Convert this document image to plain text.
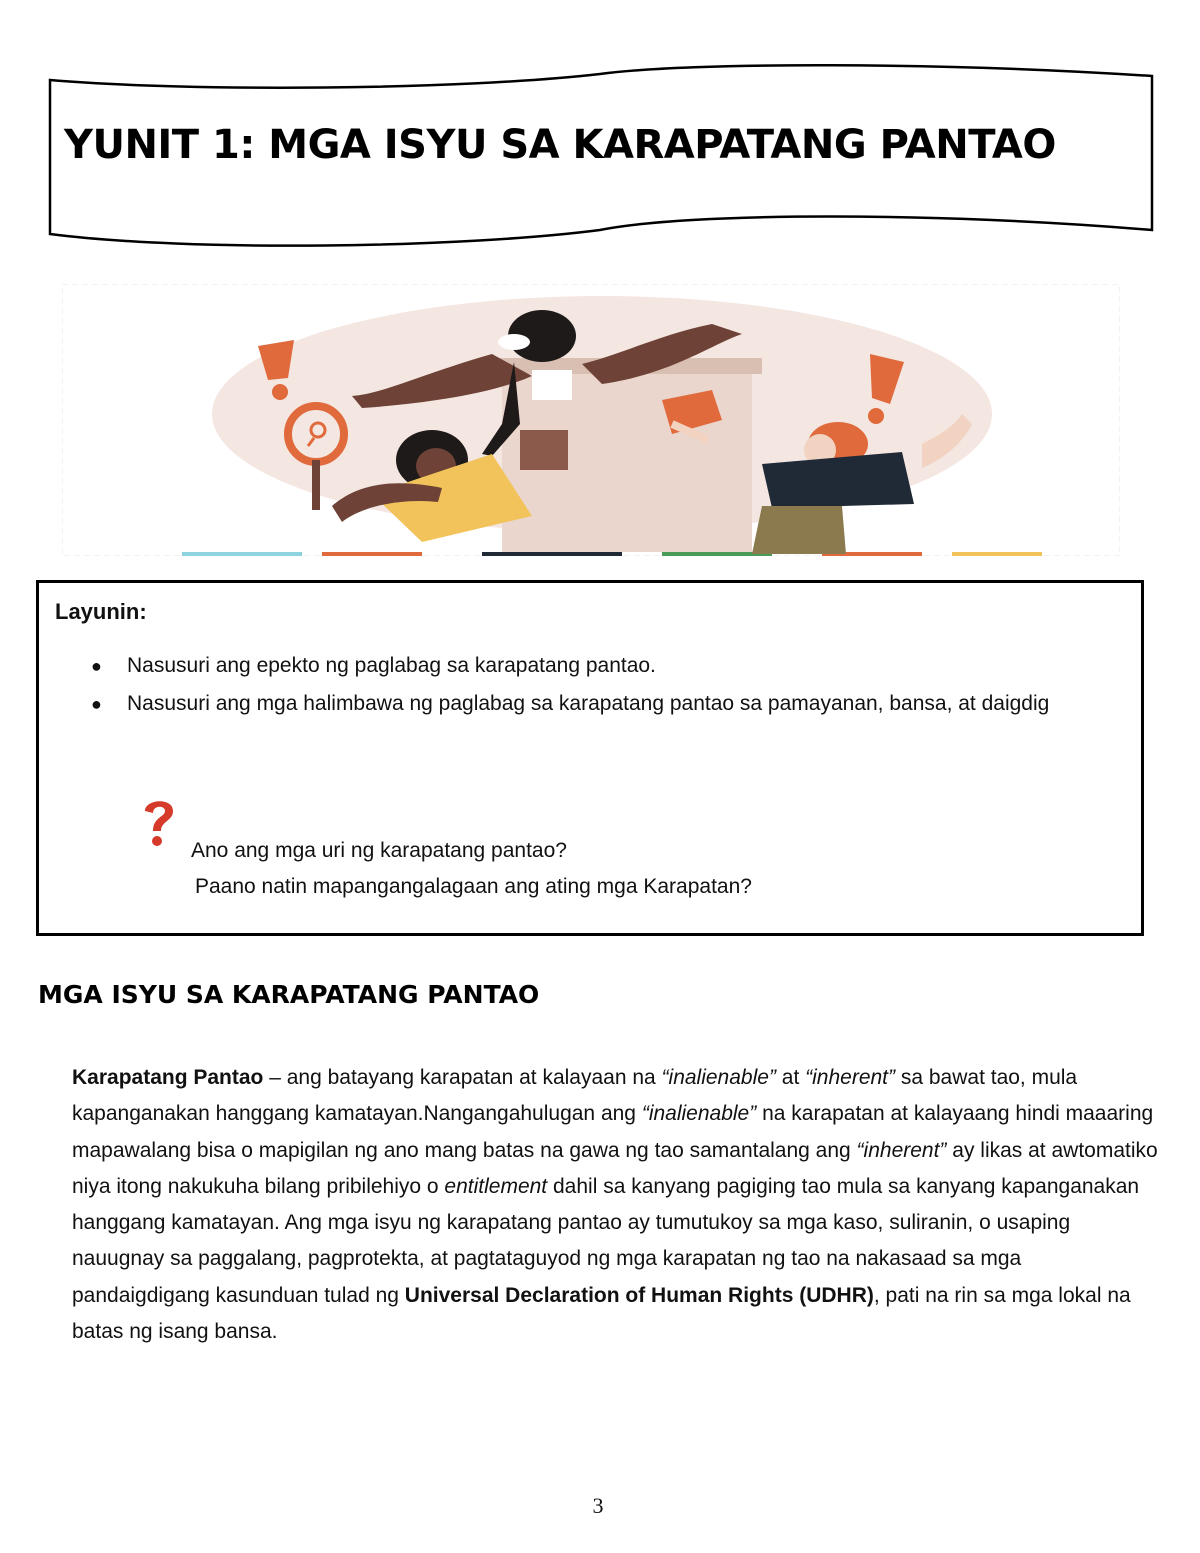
YUNIT 1: MGA ISYU SA KARAPATANG PANTAO
Layunin:
● Nasusuri ang epekto ng paglabag sa karapatang pantao.
● Nasusuri ang mga halimbawa ng paglabag sa karapatang pantao sa pamayanan, bansa, at daigdig
Ano ang mga uri ng karapatang pantao?
Paano natin mapangangalagaan ang ating mga Karapatan?
MGA ISYU SA KARAPATANG PANTAO

Karapatang Pantao – ang batayang karapatan at kalayaan na “inalienable” at “inherent” sa bawat tao, mula kapanganakan hanggang kamatayan.Nangangahulugan ang “inalienable” na karapatan at kalayaang hindi maaaring mapawalang bisa o mapigilan ng ano mang batas na gawa ng tao samantalang ang “inherent” ay likas at awtomatiko niya itong nakukuha bilang pribilehiyo o entitlement dahil sa kanyang pagiging tao mula sa kanyang kapanganakan hanggang kamatayan. Ang mga isyu ng karapatang pantao ay tumutukoy sa mga kaso, suliranin, o usaping nauugnay sa paggalang, pagprotekta, at pagtataguyod ng mga karapatan ng tao na nakasaad sa mga pandaigdigang kasunduan tulad ng Universal Declaration of Human Rights (UDHR), pati na rin sa mga lokal na batas ng isang bansa.

3
